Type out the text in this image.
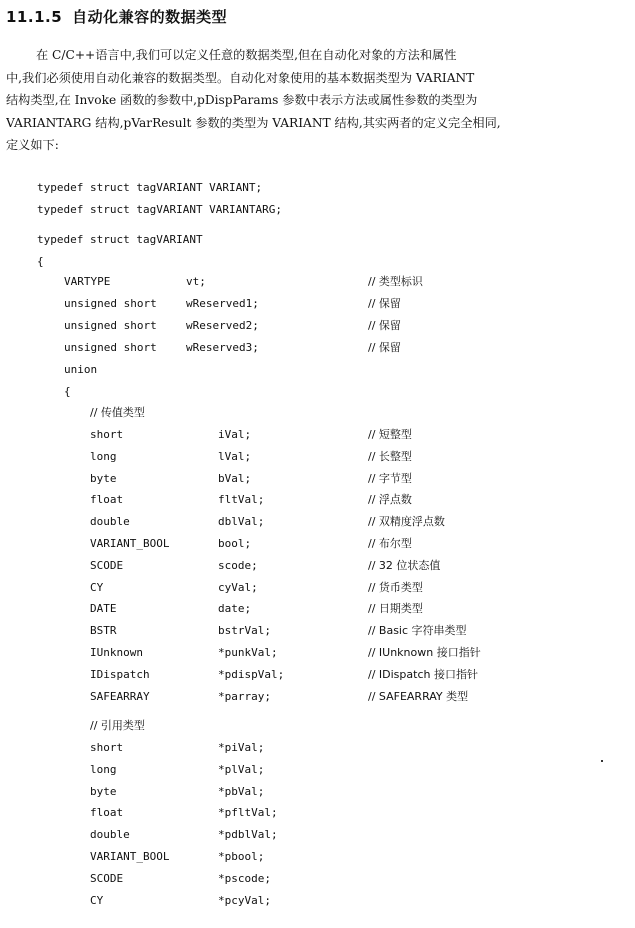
11.1.5 自动化兼容的数据类型
在 C/C++语言中,我们可以定义任意的数据类型,但在自动化对象的方法和属性
中,我们必须使用自动化兼容的数据类型。自动化对象使用的基本数据类型为 VARIANT
结构类型,在 Invoke 函数的参数中,pDispParams 参数中表示方法或属性参数的类型为
VARIANTARG 结构,pVarResult 参数的类型为 VARIANT 结构,其实两者的定义完全相同,
定义如下:
typedef struct tagVARIANT VARIANT;
typedef struct tagVARIANT VARIANTARG;
typedef struct tagVARIANT
{
VARTYPE	vt;	// 类型标识
unsigned short	wReserved1;	// 保留
unsigned short	wReserved2;	// 保留
unsigned short	wReserved3;	// 保留
union
{
// 传值类型
short	iVal;	// 短整型
long	lVal;	// 长整型
byte	bVal;	// 字节型
float	fltVal;	// 浮点数
double	dblVal;	// 双精度浮点数
VARIANT_BOOL	bool;	// 布尔型
SCODE	scode;	// 32 位状态值
CY	cyVal;	// 货币类型
DATE	date;	// 日期类型
BSTR	bstrVal;	// Basic 字符串类型
IUnknown	*punkVal;	// IUnknown 接口指针
IDispatch	*pdispVal;	// IDispatch 接口指针
SAFEARRAY	*parray;	// SAFEARRAY 类型
// 引用类型
short	*piVal;
long	*plVal;
byte	*pbVal;
float	*pfltVal;
double	*pdblVal;
VARIANT_BOOL	*pbool;
SCODE	*pscode;
CY	*pcyVal;
